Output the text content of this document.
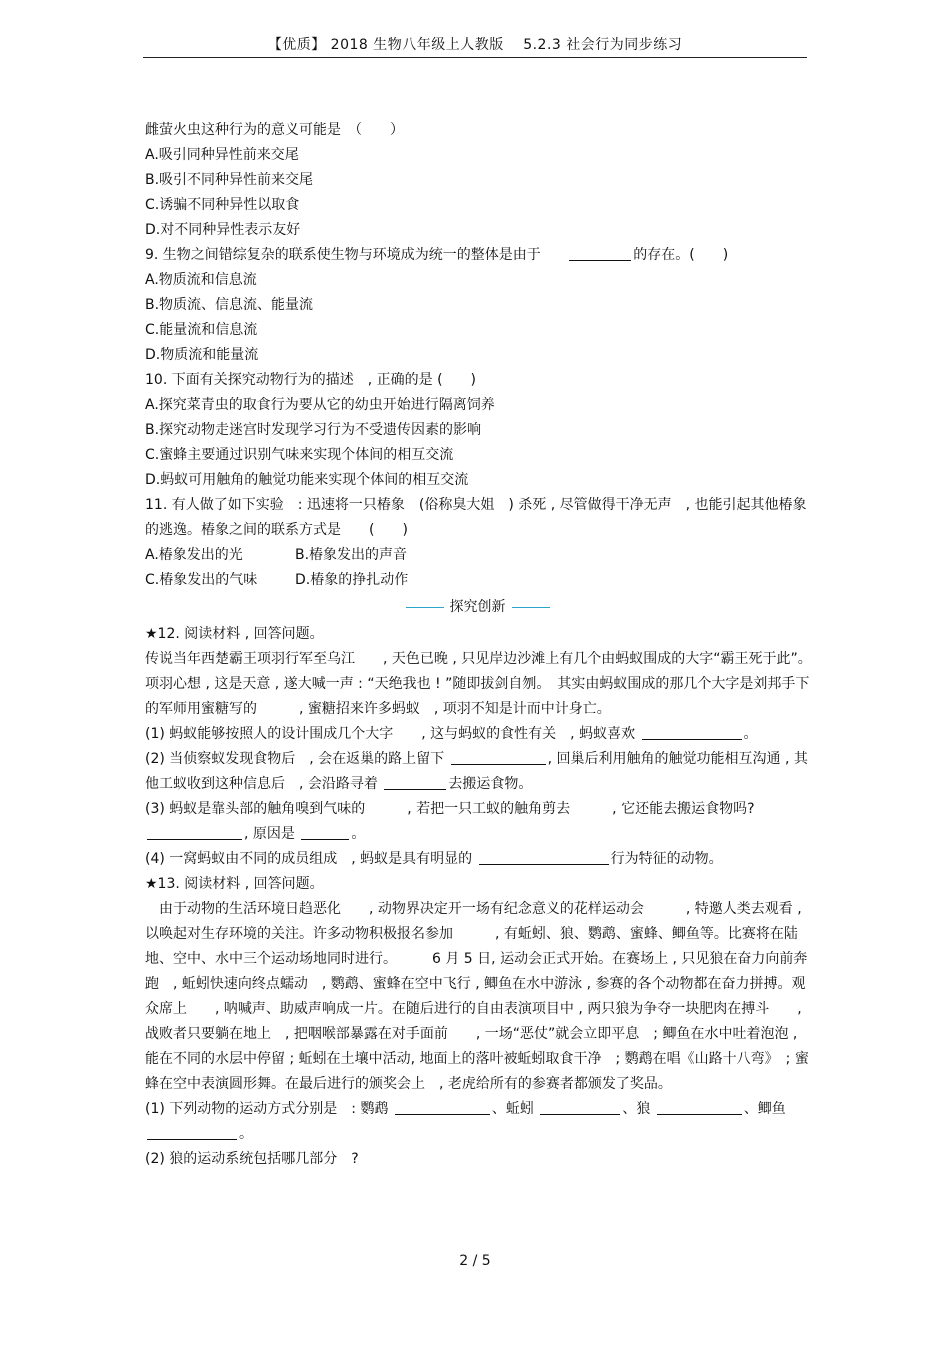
【优质】 2018 生物八年级上人教版　 5.2.3 社会行为同步练习
雌萤火虫这种行为的意义可能是　（　　）
A.吸引同种异性前来交尾
B.吸引不同种异性前来交尾
C.诱骗不同种异性以取食
D.对不同种异性表示友好
9. 生物之间错综复杂的联系使生物与环境成为统一的整体是由于	的存在。(　　)
A.物质流和信息流
B.物质流、信息流、能量流
C.能量流和信息流
D.物质流和能量流
10. 下面有关探究动物行为的描述　, 正确的是 (　　)
A.探究菜青虫的取食行为要从它的幼虫开始进行隔离饲养
B.探究动物走迷宫时发现学习行为不受遗传因素的影响
C.蜜蜂主要通过识别气味来实现个体间的相互交流
D.蚂蚁可用触角的触觉功能来实现个体间的相互交流
11. 有人做了如下实验　: 迅速将一只椿象　(俗称臭大姐　) 杀死 , 尽管做得干净无声　, 也能引起其他椿象的逃逸。椿象之间的联系方式是　　(　　)
A.椿象发出的光	B.椿象发出的声音
C.椿象发出的气味	D.椿象的挣扎动作
探究创新
★12. 阅读材料 , 回答问题。
传说当年西楚霸王项羽行军至乌江　　, 天色已晚 , 只见岸边沙滩上有几个由蚂蚁围成的大字“霸王死于此”。　项羽心想 , 这是天意 , 遂大喊一声 : “天绝我也 ! ”随即拔剑自刎。　其实由蚂蚁围成的那几个大字是刘邦手下的军师用蜜糖写的　　　, 蜜糖招来许多蚂蚁　, 项羽不知是计而中计身亡。
(1) 蚂蚁能够按照人的设计围成几个大字　　, 这与蚂蚁的食性有关　, 蚂蚁喜欢	。
(2) 当侦察蚁发现食物后　, 会在返巢的路上留下	, 回巢后利用触角的触觉功能相互沟通 , 其他工蚁收到这种信息后　, 会沿路寻着	去搬运食物。
(3) 蚂蚁是靠头部的触角嗅到气味的　　　, 若把一只工蚁的触角剪去　　　, 它还能去搬运食物吗?, 原因是	。
(4) 一窝蚂蚁由不同的成员组成　, 蚂蚁是具有明显的	行为特征的动物。
★13. 阅读材料 , 回答问题。
由于动物的生活环境日趋恶化　　, 动物界决定开一场有纪念意义的花样运动会　　　, 特邀人类去观看 , 以唤起对生存环境的关注。许多动物积极报名参加　　　, 有蚯蚓、狼、鹦鹉、蜜蜂、鲫鱼等。比赛将在陆地、空中、水中三个运动场地同时进行。　　　6 月 5 日, 运动会正式开始。在赛场上 , 只见狼在奋力向前奔跑　, 蚯蚓快速向终点蠕动　, 鹦鹉、蜜蜂在空中飞行 , 鲫鱼在水中游泳 , 参赛的各个动物都在奋力拼搏。观众席上　　, 呐喊声、助威声响成一片。在随后进行的自由表演项目中 , 两只狼为争夺一块肥肉在搏斗　　, 战败者只要躺在地上　, 把咽喉部暴露在对手面前　　, 一场“恶仗”就会立即平息　; 鲫鱼在水中吐着泡泡 , 能在不同的水层中停留 ; 蚯蚓在土壤中活动, 地面上的落叶被蚯蚓取食干净　; 鹦鹉在唱《山路十八弯》　; 蜜蜂在空中表演圆形舞。在最后进行的颁奖会上　, 老虎给所有的参赛者都颁发了奖品。
(1) 下列动物的运动方式分别是　: 鹦鹉	、蚯蚓	、狼	、鲫鱼 。
(2) 狼的运动系统包括哪几部分　?
2 / 5
